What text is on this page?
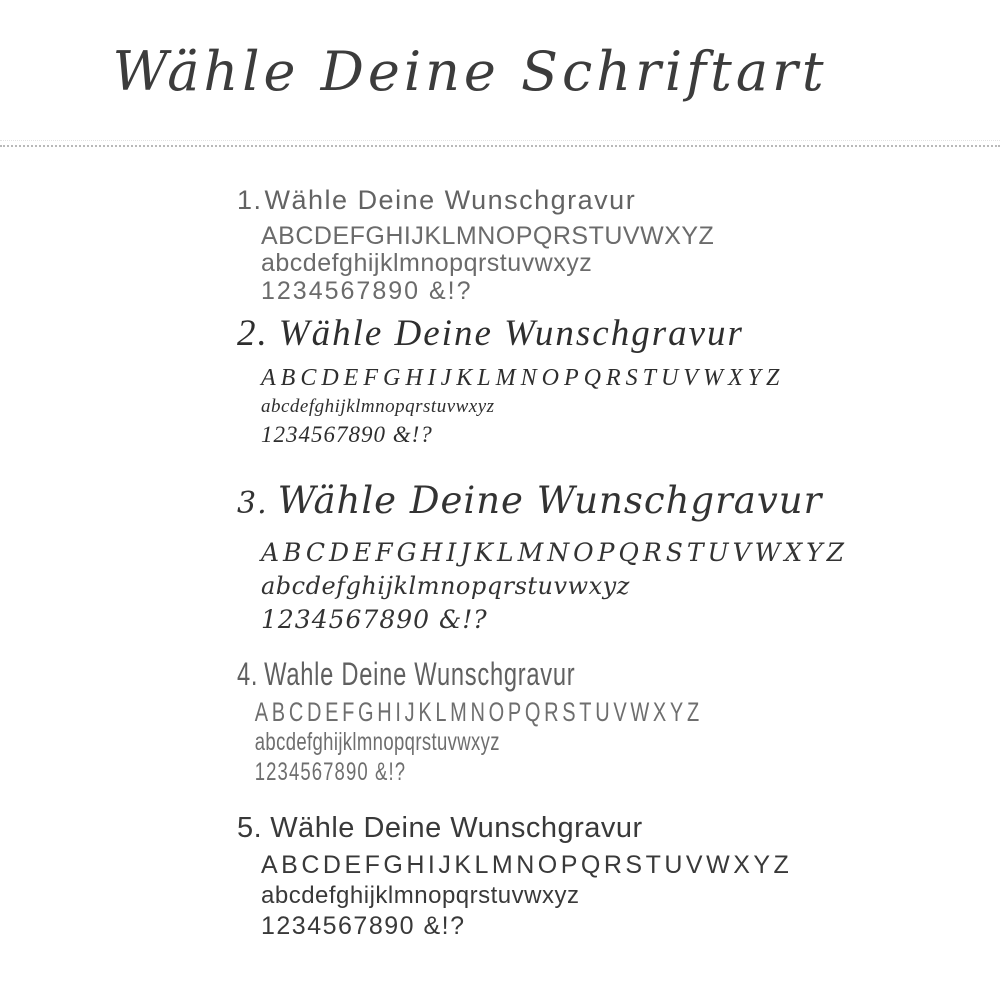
Wähle Deine Schriftart
1.Wähle Deine Wunschgravur
ABCDEFGHIJKLMNOPQRSTUVWXYZ
abcdefghijklmnopqrstuvwxyz
1234567890 &!?
2. Wähle Deine Wunschgravur
ABCDEFGHIJKLMNOPQRSTUVWXYZ
abcdefghijklmnopqrstuvwxyz
1234567890 &!?
3. Wähle Deine Wunschgravur
ABCDEFGHIJKLMNOPQRSTUVWXYZ
abcdefghijklmnopqrstuvwxyz
1234567890 &!?
4. Wahle Deine Wunschgravur
ABCDEFGHIJKLMNOPQRSTUVWXYZ
abcdefghijklmnopqrstuvwxyz
1234567890 &!?
5. Wähle Deine Wunschgravur
ABCDEFGHIJKLMNOPQRSTUVWXYZ
abcdefghijklmnopqrstuvwxyz
1234567890 &!?
